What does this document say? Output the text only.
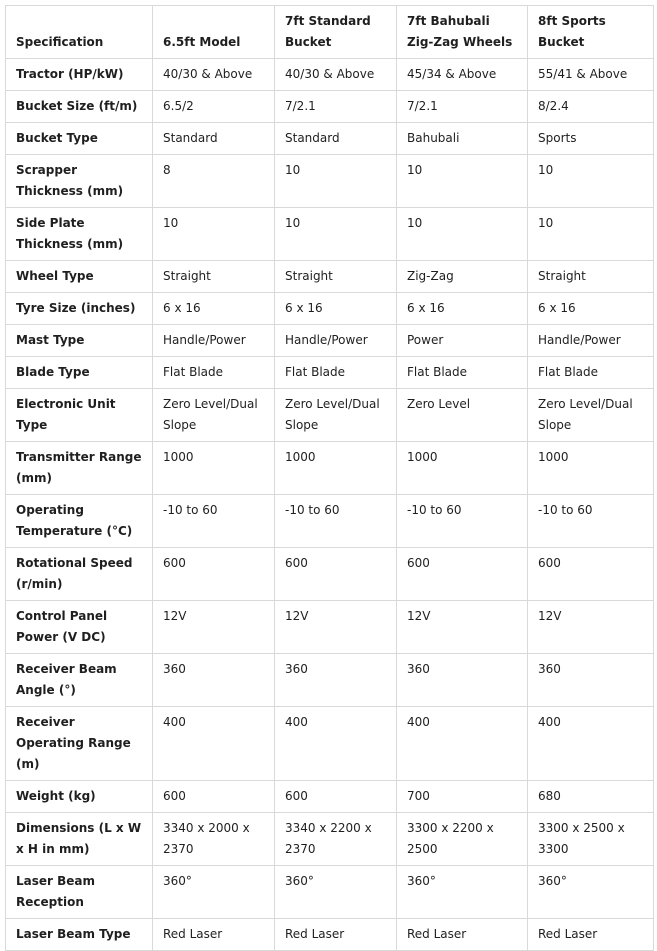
Specification	6.5ft Model	7ft Standard Bucket	7ft Bahubali Zig-Zag Wheels	8ft Sports Bucket
Tractor (HP/kW)	40/30 & Above	40/30 & Above	45/34 & Above	55/41 & Above
Bucket Size (ft/m)	6.5/2	7/2.1	7/2.1	8/2.4
Bucket Type	Standard	Standard	Bahubali	Sports
Scrapper Thickness (mm)	8	10	10	10
Side Plate Thickness (mm)	10	10	10	10
Wheel Type	Straight	Straight	Zig-Zag	Straight
Tyre Size (inches)	6 x 16	6 x 16	6 x 16	6 x 16
Mast Type	Handle/Power	Handle/Power	Power	Handle/Power
Blade Type	Flat Blade	Flat Blade	Flat Blade	Flat Blade
Electronic Unit Type	Zero Level/Dual Slope	Zero Level/Dual Slope	Zero Level	Zero Level/Dual Slope
Transmitter Range (mm)	1000	1000	1000	1000
Operating Temperature (°C)	-10 to 60	-10 to 60	-10 to 60	-10 to 60
Rotational Speed (r/min)	600	600	600	600
Control Panel Power (V DC)	12V	12V	12V	12V
Receiver Beam Angle (°)	360	360	360	360
Receiver Operating Range (m)	400	400	400	400
Weight (kg)	600	600	700	680
Dimensions (L x W x H in mm)	3340 x 2000 x 2370	3340 x 2200 x 2370	3300 x 2200 x 2500	3300 x 2500 x 3300
Laser Beam Reception	360°	360°	360°	360°
Laser Beam Type	Red Laser	Red Laser	Red Laser	Red Laser
